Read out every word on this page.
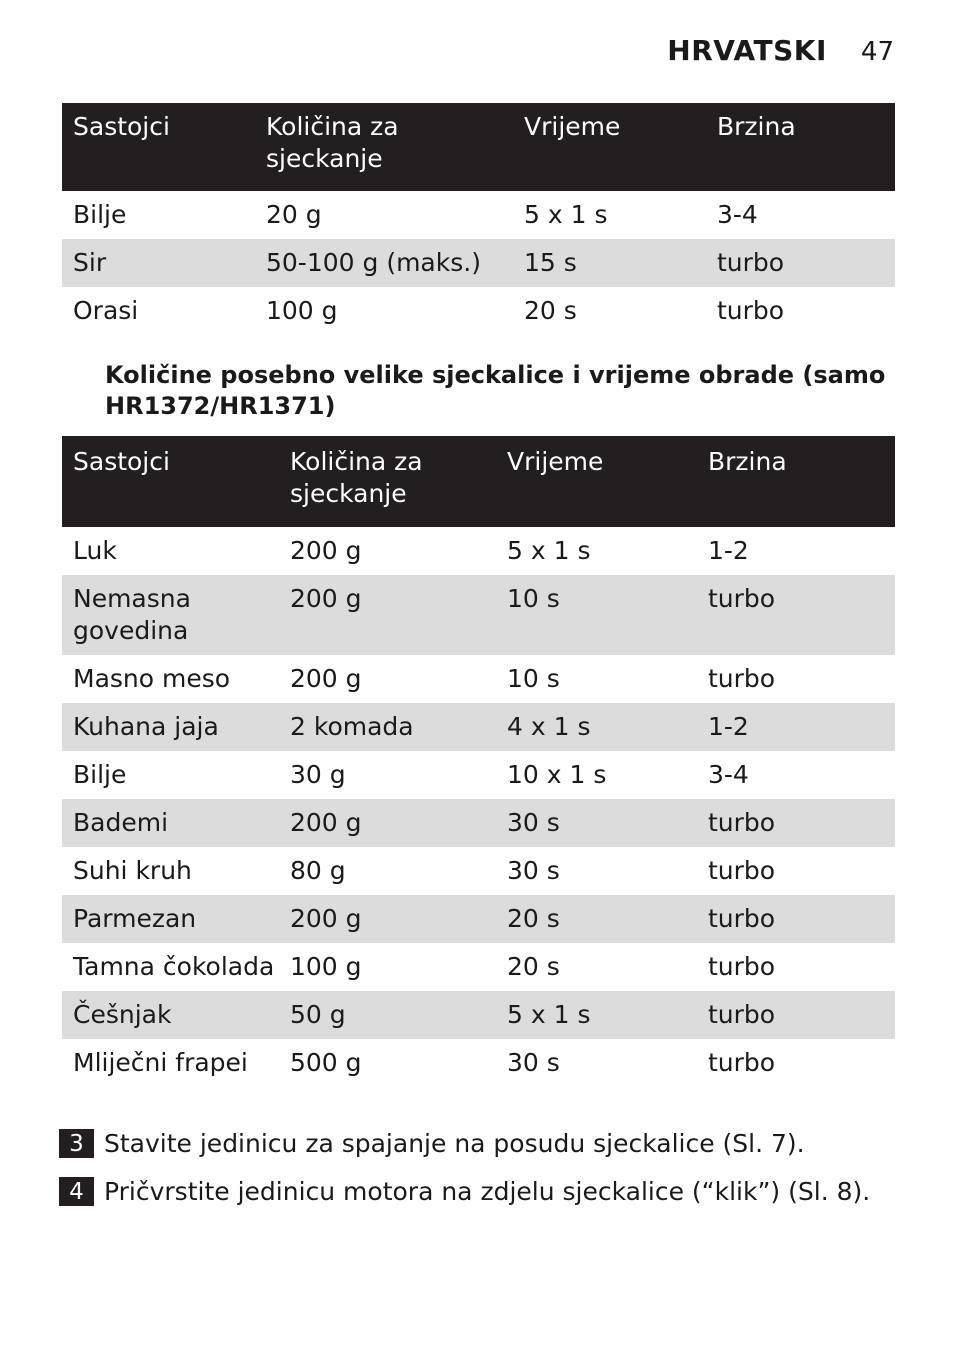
HRVATSKI 47
Sastojci	Količina za sjeckanje	Vrijeme	Brzina
Bilje	20 g	5 x 1 s	3-4
Sir	50-100 g (maks.)	15 s	turbo
Orasi	100 g	20 s	turbo

Količine posebno velike sjeckalice i vrijeme obrade (samo HR1372/HR1371)

Sastojci	Količina za sjeckanje	Vrijeme	Brzina
Luk	200 g	5 x 1 s	1-2
Nemasna govedina	200 g	10 s	turbo
Masno meso	200 g	10 s	turbo
Kuhana jaja	2 komada	4 x 1 s	1-2
Bilje	30 g	10 x 1 s	3-4
Bademi	200 g	30 s	turbo
Suhi kruh	80 g	30 s	turbo
Parmezan	200 g	20 s	turbo
Tamna čokolada	100 g	20 s	turbo
Češnjak	50 g	5 x 1 s	turbo
Mliječni frapei	500 g	30 s	turbo
3 Stavite jedinicu za spajanje na posudu sjeckalice (Sl. 7).
4 Pričvrstite jedinicu motora na zdjelu sjeckalice (“klik”) (Sl. 8).
